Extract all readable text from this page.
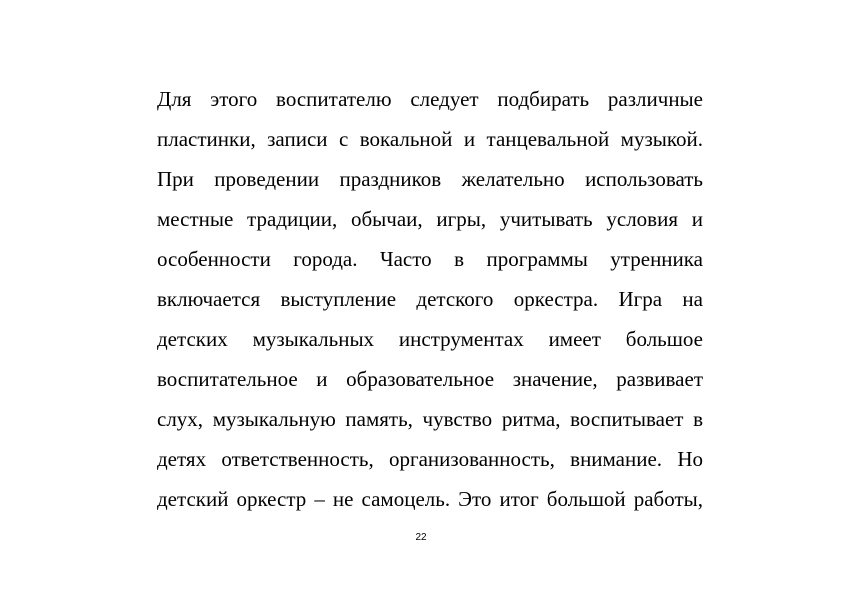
Для этого воспитателю следует подбирать различные
пластинки, записи с вокальной и танцевальной музыкой.
При проведении праздников желательно использовать
местные традиции, обычаи, игры, учитывать условия и
особенности города. Часто в программы утренника
включается выступление детского оркестра. Игра на
детских музыкальных инструментах имеет большое
воспитательное и образовательное значение, развивает
слух, музыкальную память, чувство ритма, воспитывает в
детях ответственность, организованность, внимание. Но
детский оркестр – не самоцель. Это итог большой работы,
22
